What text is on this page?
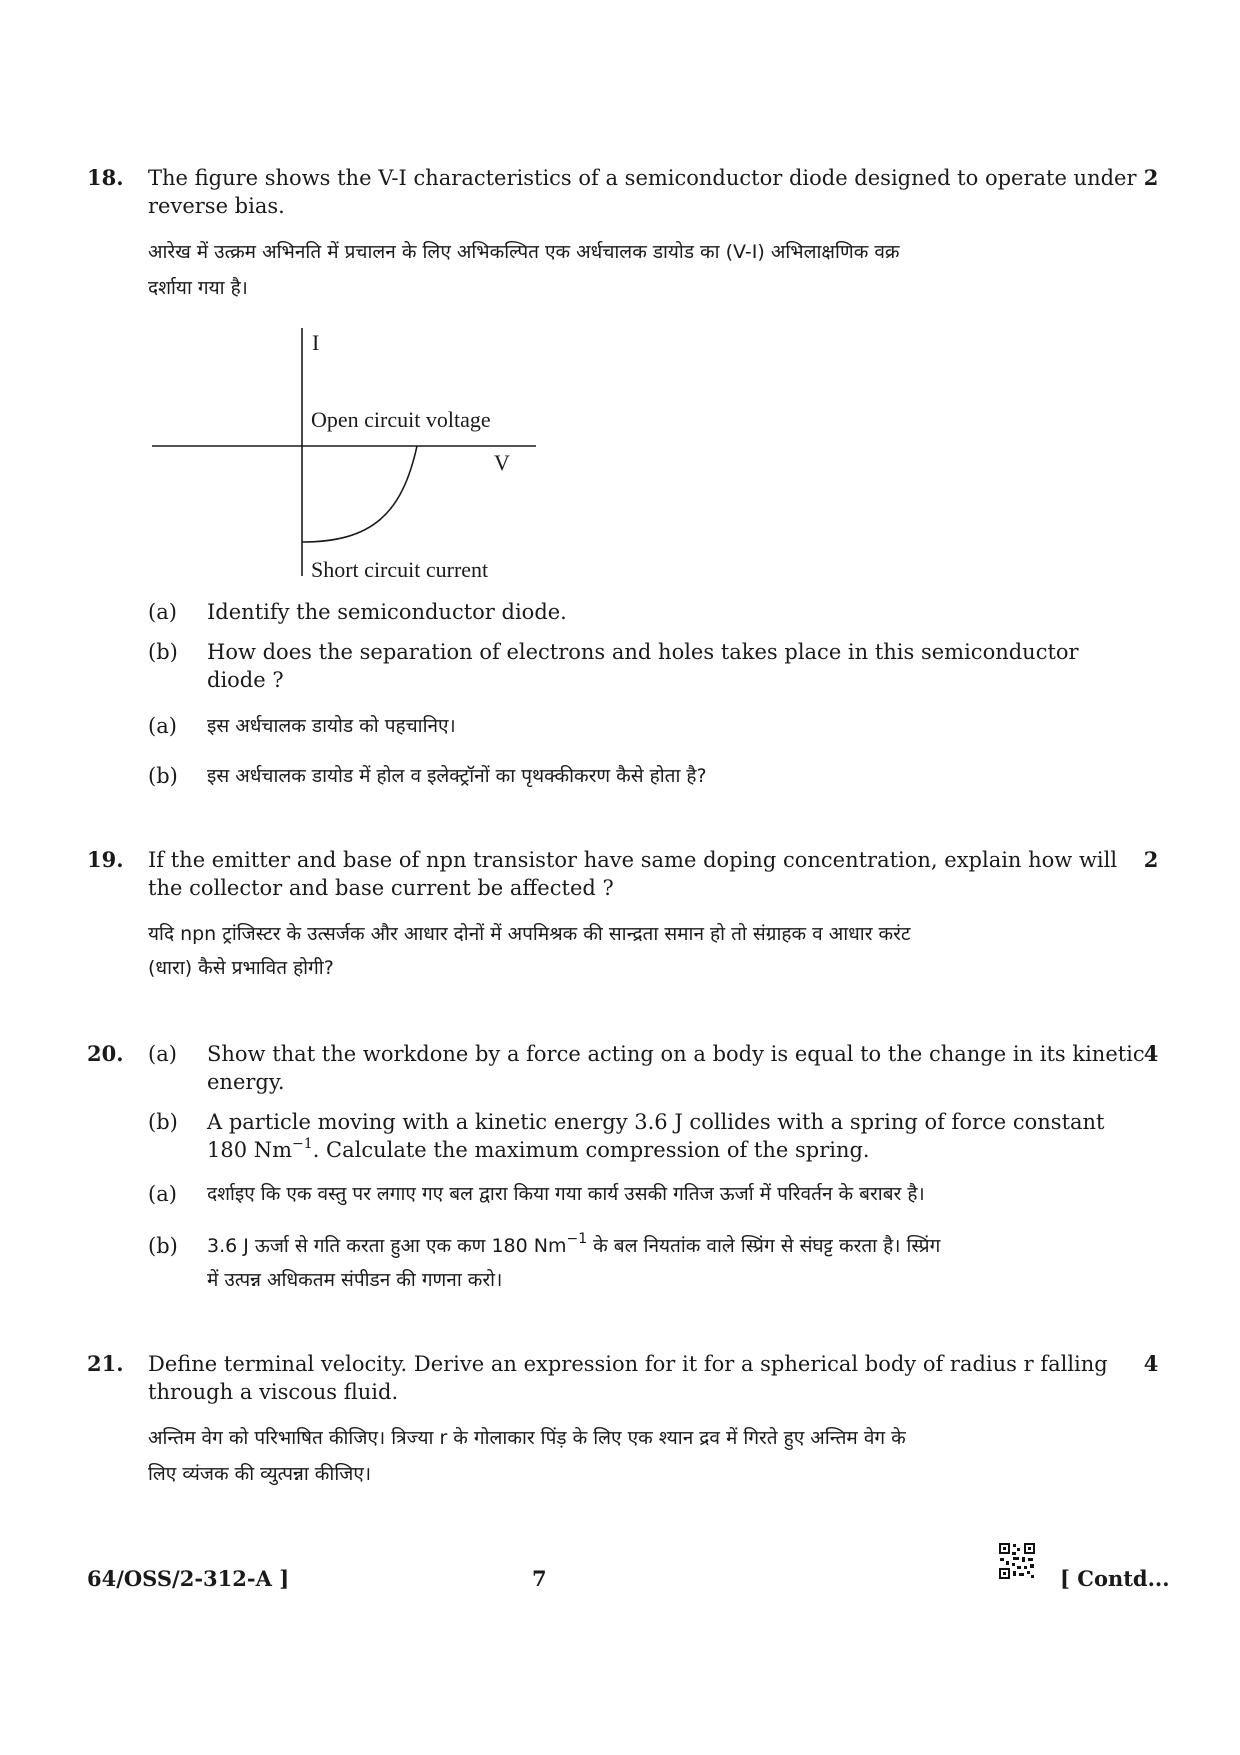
18.	2
The figure shows the V-I characteristics of a semiconductor diode designed to operate under
reverse bias.
आरेख में उत्क्रम अभिनति में प्रचालन के लिए अभिकल्पित एक अर्धचालक डायोड का (V-I) अभिलाक्षणिक वक्र
दर्शाया गया है।
I
Open circuit voltage
V
Short circuit current
(a) Identify the semiconductor diode.
(b) How does the separation of electrons and holes takes place in this semiconductor
diode ?
(a) इस अर्धचालक डायोड को पहचानिए।
(b) इस अर्धचालक डायोड में होल व इलेक्ट्रॉनों का पृथक्कीकरण कैसे होता है?
19.	2
If the emitter and base of npn transistor have same doping concentration, explain how will
the collector and base current be affected ?
यदि npn ट्रांजिस्टर के उत्सर्जक और आधार दोनों में अपमिश्रक की सान्द्रता समान हो तो संग्राहक व आधार करंट
(धारा) कैसे प्रभावित होगी?
20.	4
(a) Show that the workdone by a force acting on a body is equal to the change in its kinetic
energy.
(b) A particle moving with a kinetic energy 3.6 J collides with a spring of force constant
180 $Nm^{-1}$. Calculate the maximum compression of the spring.
(a) दर्शाइए कि एक वस्तु पर लगाए गए बल द्वारा किया गया कार्य उसकी गतिज ऊर्जा में परिवर्तन के बराबर है।
(b) 3.6 J ऊर्जा से गति करता हुआ एक कण 180 $Nm^{-1}$ के बल नियतांक वाले स्प्रिंग से संघट्ट करता है। स्प्रिंग
में उत्पन्न अधिकतम संपीडन की गणना करो।
21.	4
Define terminal velocity. Derive an expression for it for a spherical body of radius r falling
through a viscous fluid.
अन्तिम वेग को परिभाषित कीजिए। त्रिज्या r के गोलाकार पिंड़ के लिए एक श्यान द्रव में गिरते हुए अन्तिम वेग के
लिए व्यंजक की व्युत्पन्ना कीजिए।
64/OSS/2-312-A ]	7	[ Contd...
